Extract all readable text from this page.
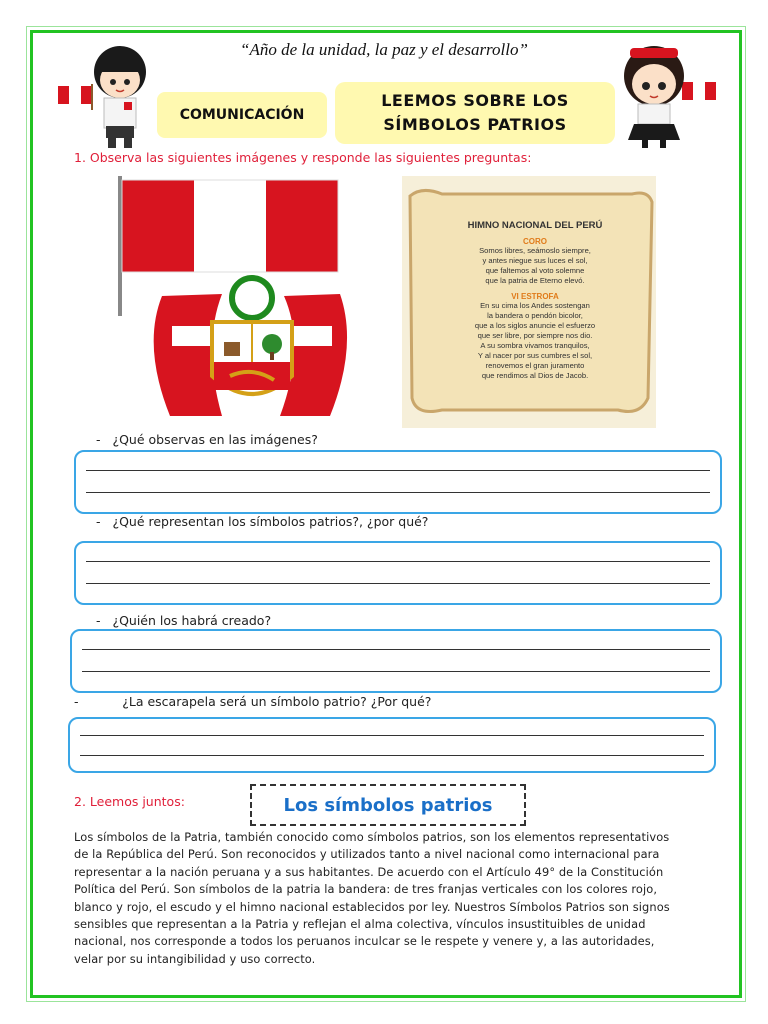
“Año de la unidad, la paz y el desarrollo”
COMUNICACIÓN
LEEMOS SOBRE LOS
SÍMBOLOS PATRIOS
1. Observa las siguientes imágenes y responde las siguientes preguntas:
HIMNO NACIONAL DEL PERÚ
CORO
Somos libres, seámoslo siempre,
y antes niegue sus luces el sol,
que faltemos al voto solemne
que la patria de Eterno elevó.
VI ESTROFA
En su cima los Andes sostengan
la bandera o pendón bicolor,
que a los siglos anuncie el esfuerzo
que ser libre, por siempre nos dio.
A su sombra vivamos tranquilos,
Y al nacer por sus cumbres el sol,
renovemos el gran juramento
que rendimos al Dios de Jacob.
- ¿Qué observas en las imágenes?
- ¿Qué representan los símbolos patrios?, ¿por qué?
- ¿Quién los habrá creado?
-	¿La escarapela será un símbolo patrio? ¿Por qué?
2. Leemos juntos:	Los símbolos patrios
Los símbolos de la Patria, también conocido como símbolos patrios, son los elementos representativos
de la República del Perú. Son reconocidos y utilizados tanto a nivel nacional como internacional para
representar a la nación peruana y a sus habitantes. De acuerdo con el Artículo 49° de la Constitución
Política del Perú. Son símbolos de la patria la bandera: de tres franjas verticales con los colores rojo,
blanco y rojo, el escudo y el himno nacional establecidos por ley. Nuestros Símbolos Patrios son signos
sensibles que representan a la Patria y reflejan el alma colectiva, vínculos insustituibles de unidad
nacional, nos corresponde a todos los peruanos inculcar se le respete y venere y, a las autoridades,
velar por su intangibilidad y uso correcto.
